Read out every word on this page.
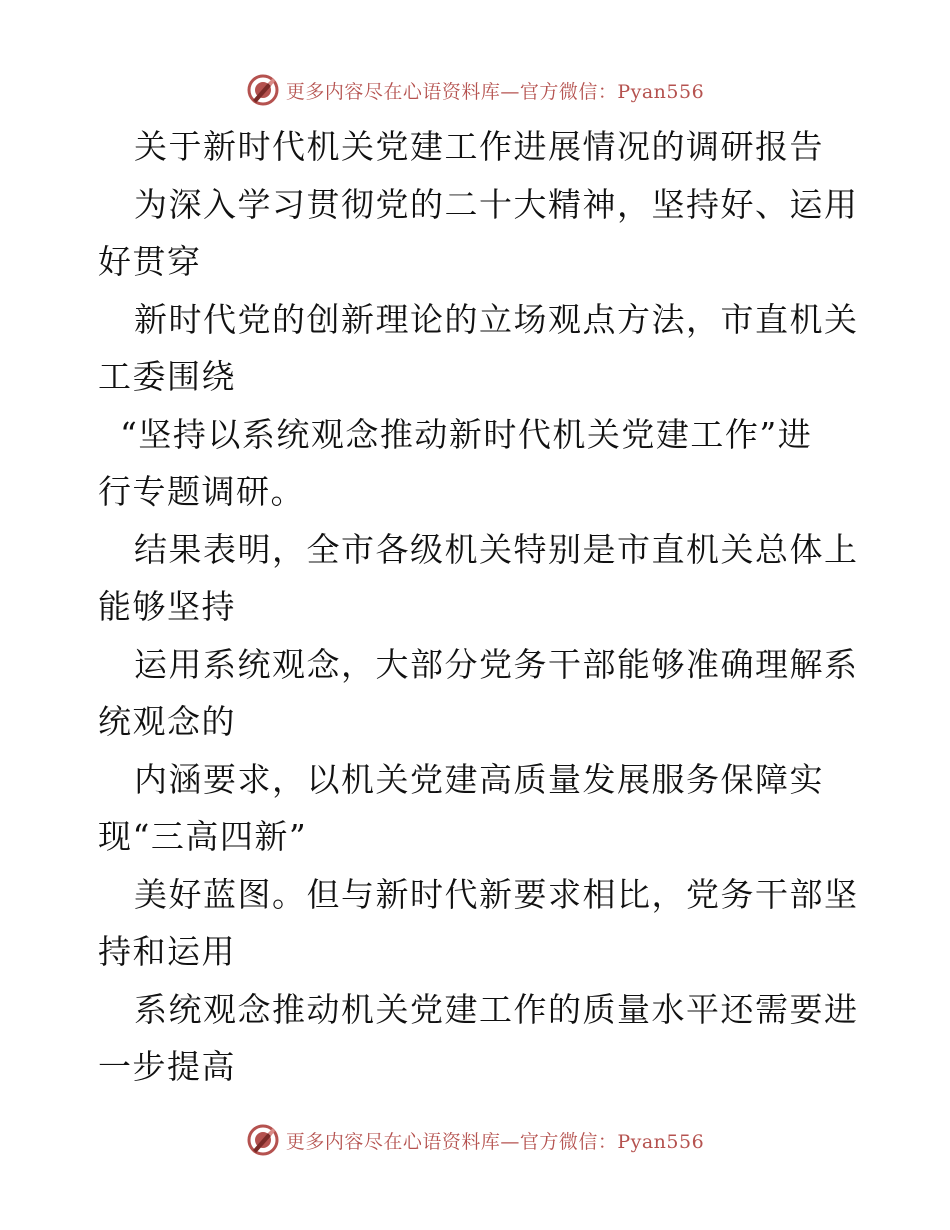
更多内容尽在心语资料库—官方微信：Pyan556
关于新时代机关党建工作进展情况的调研报告
为深入学习贯彻党的二十大精神，坚持好、运用
好贯穿
新时代党的创新理论的立场观点方法，市直机关
工委围绕
“坚持以系统观念推动新时代机关党建工作”进
行专题调研。
结果表明，全市各级机关特别是市直机关总体上
能够坚持
运用系统观念，大部分党务干部能够准确理解系
统观念的
内涵要求，以机关党建高质量发展服务保障实
现“三高四新”
美好蓝图。但与新时代新要求相比，党务干部坚
持和运用
系统观念推动机关党建工作的质量水平还需要进
一步提高
更多内容尽在心语资料库—官方微信：Pyan556
